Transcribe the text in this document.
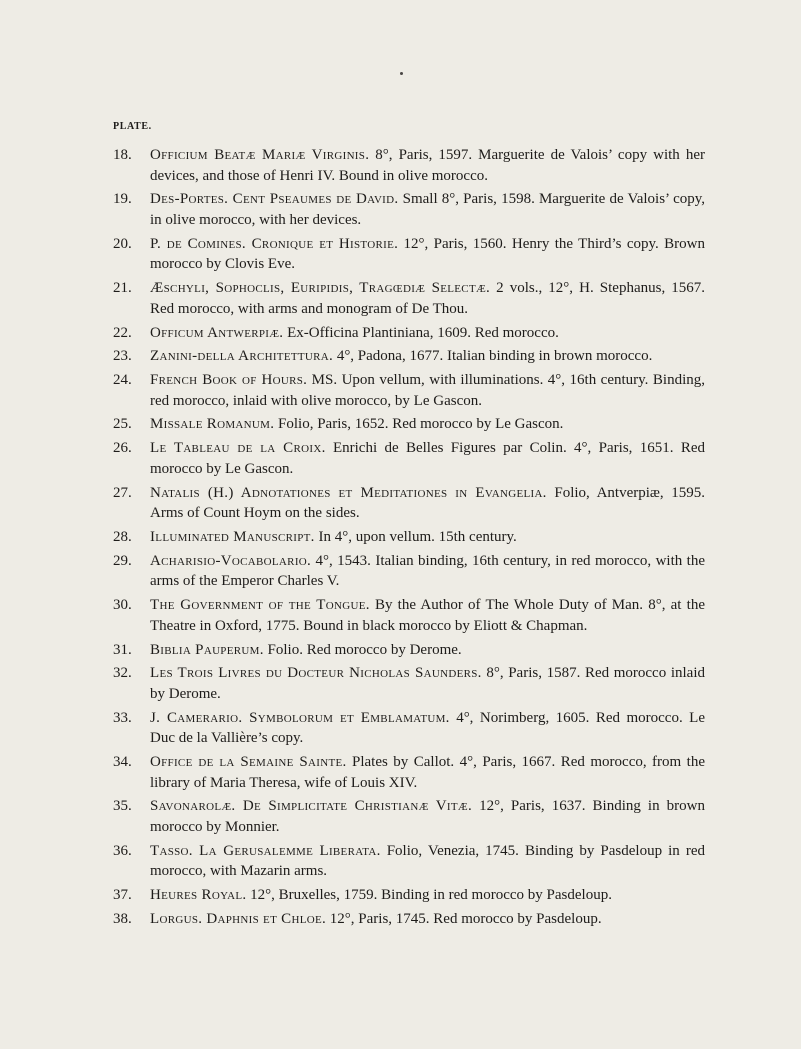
PLATE.
18.	Officium Beatæ Mariæ Virginis. 8°, Paris, 1597. Marguerite de Valois’ copy with her devices, and those of Henri IV. Bound in olive morocco.
19.	Des-Portes. Cent Pseaumes de David. Small 8°, Paris, 1598. Marguerite de Valois’ copy, in olive morocco, with her devices.
20.	P. de Comines. Cronique et Historie. 12°, Paris, 1560. Henry the Third’s copy. Brown morocco by Clovis Eve.
21.	Æschyli, Sophoclis, Euripidis, Tragœdiæ Selectæ. 2 vols., 12°, H. Stephanus, 1567. Red morocco, with arms and monogram of De Thou.
22.	Officum Antwerpiæ. Ex-Officina Plantiniana, 1609. Red morocco.
23.	Zanini-della Architettura. 4°, Padona, 1677. Italian binding in brown morocco.
24.	French Book of Hours. MS. Upon vellum, with illuminations. 4°, 16th century. Binding, red morocco, inlaid with olive morocco, by Le Gascon.
25.	Missale Romanum. Folio, Paris, 1652. Red morocco by Le Gascon.
26.	Le Tableau de la Croix. Enrichi de Belles Figures par Colin. 4°, Paris, 1651. Red morocco by Le Gascon.
27.	Natalis (H.) Adnotationes et Meditationes in Evangelia. Folio, Antverpiæ, 1595. Arms of Count Hoym on the sides.
28.	Illuminated Manuscript. In 4°, upon vellum. 15th century.
29.	Acharisio-Vocabolario. 4°, 1543. Italian binding, 16th century, in red morocco, with the arms of the Emperor Charles V.
30.	The Government of the Tongue. By the Author of The Whole Duty of Man. 8°, at the Theatre in Oxford, 1775. Bound in black morocco by Eliott & Chapman.
31.	Biblia Pauperum. Folio. Red morocco by Derome.
32.	Les Trois Livres du Docteur Nicholas Saunders. 8°, Paris, 1587. Red morocco inlaid by Derome.
33.	J. Camerario. Symbolorum et Emblamatum. 4°, Norimberg, 1605. Red morocco. Le Duc de la Vallière’s copy.
34.	Office de la Semaine Sainte. Plates by Callot. 4°, Paris, 1667. Red morocco, from the library of Maria Theresa, wife of Louis XIV.
35.	Savonarolæ. De Simplicitate Christianæ Vitæ. 12°, Paris, 1637. Binding in brown morocco by Monnier.
36.	Tasso. La Gerusalemme Liberata. Folio, Venezia, 1745. Binding by Pasdeloup in red morocco, with Mazarin arms.
37.	Heures Royal. 12°, Bruxelles, 1759. Binding in red morocco by Pasdeloup.
38.	Lorgus. Daphnis et Chloe. 12°, Paris, 1745. Red morocco by Pasdeloup.
